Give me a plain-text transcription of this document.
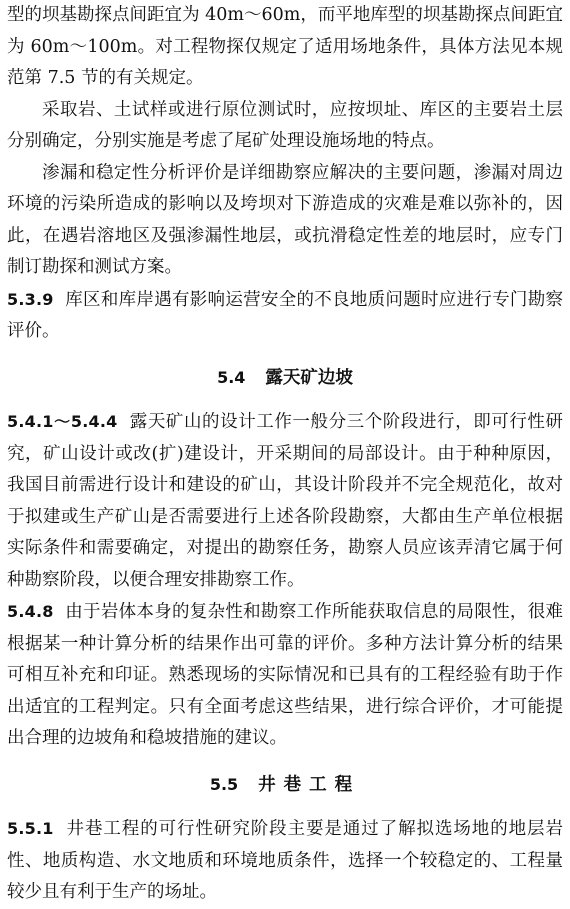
型的坝基勘探点间距宜为 40m～60m，而平地库型的坝基勘探点间距宜为 60m～100m。对工程物探仅规定了适用场地条件，具体方法见本规范第 7.5 节的有关规定。

采取岩、土试样或进行原位测试时，应按坝址、库区的主要岩土层分别确定，分别实施是考虑了尾矿处理设施场地的特点。

渗漏和稳定性分析评价是详细勘察应解决的主要问题，渗漏对周边环境的污染所造成的影响以及垮坝对下游造成的灾难是难以弥补的，因此，在遇岩溶地区及强渗漏性地层，或抗滑稳定性差的地层时，应专门制订勘探和测试方案。

5.3.9 库区和库岸遇有影响运营安全的不良地质问题时应进行专门勘察评价。

5.4 露天矿边坡

5.4.1～5.4.4 露天矿山的设计工作一般分三个阶段进行，即可行性研究，矿山设计或改(扩)建设计，开采期间的局部设计。由于种种原因，我国目前需进行设计和建设的矿山，其设计阶段并不完全规范化，故对于拟建或生产矿山是否需要进行上述各阶段勘察，大都由生产单位根据实际条件和需要确定，对提出的勘察任务，勘察人员应该弄清它属于何种勘察阶段，以便合理安排勘察工作。

5.4.8 由于岩体本身的复杂性和勘察工作所能获取信息的局限性，很难根据某一种计算分析的结果作出可靠的评价。多种方法计算分析的结果可相互补充和印证。熟悉现场的实际情况和已具有的工程经验有助于作出适宜的工程判定。只有全面考虑这些结果，进行综合评价，才可能提出合理的边坡角和稳坡措施的建议。

5.5 井巷工程

5.5.1 井巷工程的可行性研究阶段主要是通过了解拟选场地的地层岩性、地质构造、水文地质和环境地质条件，选择一个较稳定的、工程量较少且有利于生产的场址。
